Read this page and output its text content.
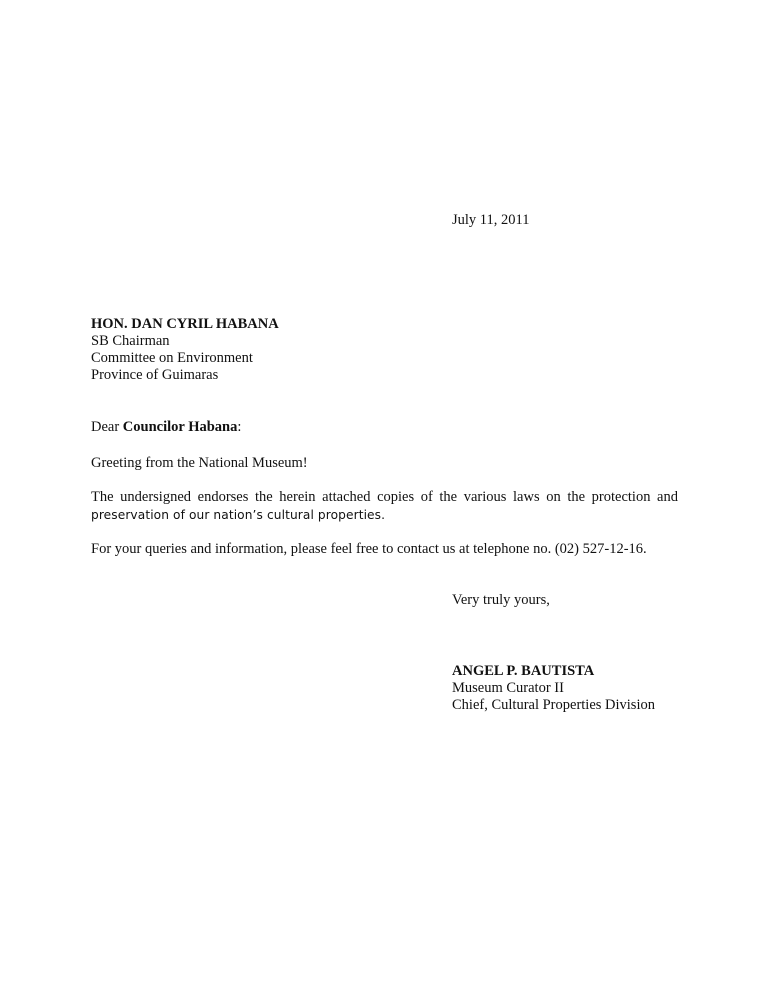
July 11, 2011
HON. DAN CYRIL HABANA
SB Chairman
Committee on Environment
Province of Guimaras
Dear Councilor Habana:
Greeting from the National Museum!
The undersigned endorses the herein attached copies of the various laws on the protection and
preservation of our nation’s cultural properties.
For your queries and information, please feel free to contact us at telephone no. (02) 527-12-16.
Very truly yours,
ANGEL P. BAUTISTA
Museum Curator II
Chief, Cultural Properties Division
